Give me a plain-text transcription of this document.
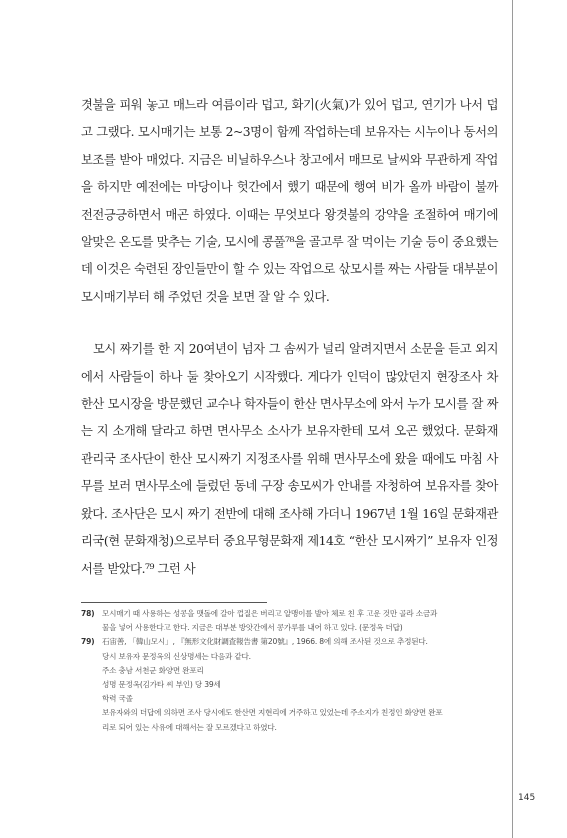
겻불을 피워 놓고 매느라 여름이라 덥고, 화기(火氣)가 있어 덥고, 연기가 나서 덥고 그랬다. 모시매기는 보통 2~3명이 함께 작업하는데 보유자는 시누이나 동서의 보조를 받아 매었다. 지금은 비닐하우스나 창고에서 매므로 날씨와 무관하게 작업을 하지만 예전에는 마당이나 헛간에서 했기 때문에 행여 비가 올까 바람이 불까 전전긍긍하면서 매곤 하였다. 이때는 무엇보다 왕겻불의 강약을 조절하여 매기에 알맞은 온도를 맞추는 기술, 모시에 콩풀⁷⁸을 골고루 잘 먹이는 기술 등이 중요했는데 이것은 숙련된 장인들만이 할 수 있는 작업으로 삯모시를 짜는 사람들 대부분이 모시매기부터 해 주었던 것을 보면 잘 알 수 있다.

모시 짜기를 한 지 20여년이 넘자 그 솜씨가 널리 알려지면서 소문을 듣고 외지에서 사람들이 하나 둘 찾아오기 시작했다. 게다가 인덕이 많았던지 현장조사 차 한산 모시장을 방문했던 교수나 학자들이 한산 면사무소에 와서 누가 모시를 잘 짜는 지 소개해 달라고 하면 면사무소 소사가 보유자한테 모셔 오곤 했었다. 문화재관리국 조사단이 한산 모시짜기 지정조사를 위해 면사무소에 왔을 때에도 마침 사무를 보러 면사무소에 들렀던 동네 구장 송모씨가 안내를 자청하여 보유자를 찾아왔다. 조사단은 모시 짜기 전반에 대해 조사해 가더니 1967년 1월 16일 문화재관리국(현 문화재청)으로부터 중요무형문화재 제14호 “한산 모시짜기” 보유자 인정서를 받았다.⁷⁹ 그런 사

78) 모시매기 때 사용하는 성콩을 맷돌에 갈아 껍질은 버리고 알맹이를 발아 체로 친 후 고운 것만 골라 소금과
물을 넣어 사용한다고 한다. 지금은 대부분 방앗간에서 콩가루를 내어 하고 있다. (문정옥 더답)
79) 石宙善, 「韓山모시」, 『無形文化財調査報告書 第20號』, 1966. 8에 의해 조사된 것으로 추정된다.
당시 보유자 문정옥의 신상명세는 다음과 같다.
주소 충남 서천군 화양면 완포리
성명 문정옥(김가타 씨 부인) 당 39세
학력 국졸
보유자와의 더답에 의하면 조사 당시에도 한산면 지현리에 거주하고 있었는데 주소지가 친정인 화양면 완포
리로 되어 있는 사유에 대해서는 잘 모르겠다고 하였다.
145
